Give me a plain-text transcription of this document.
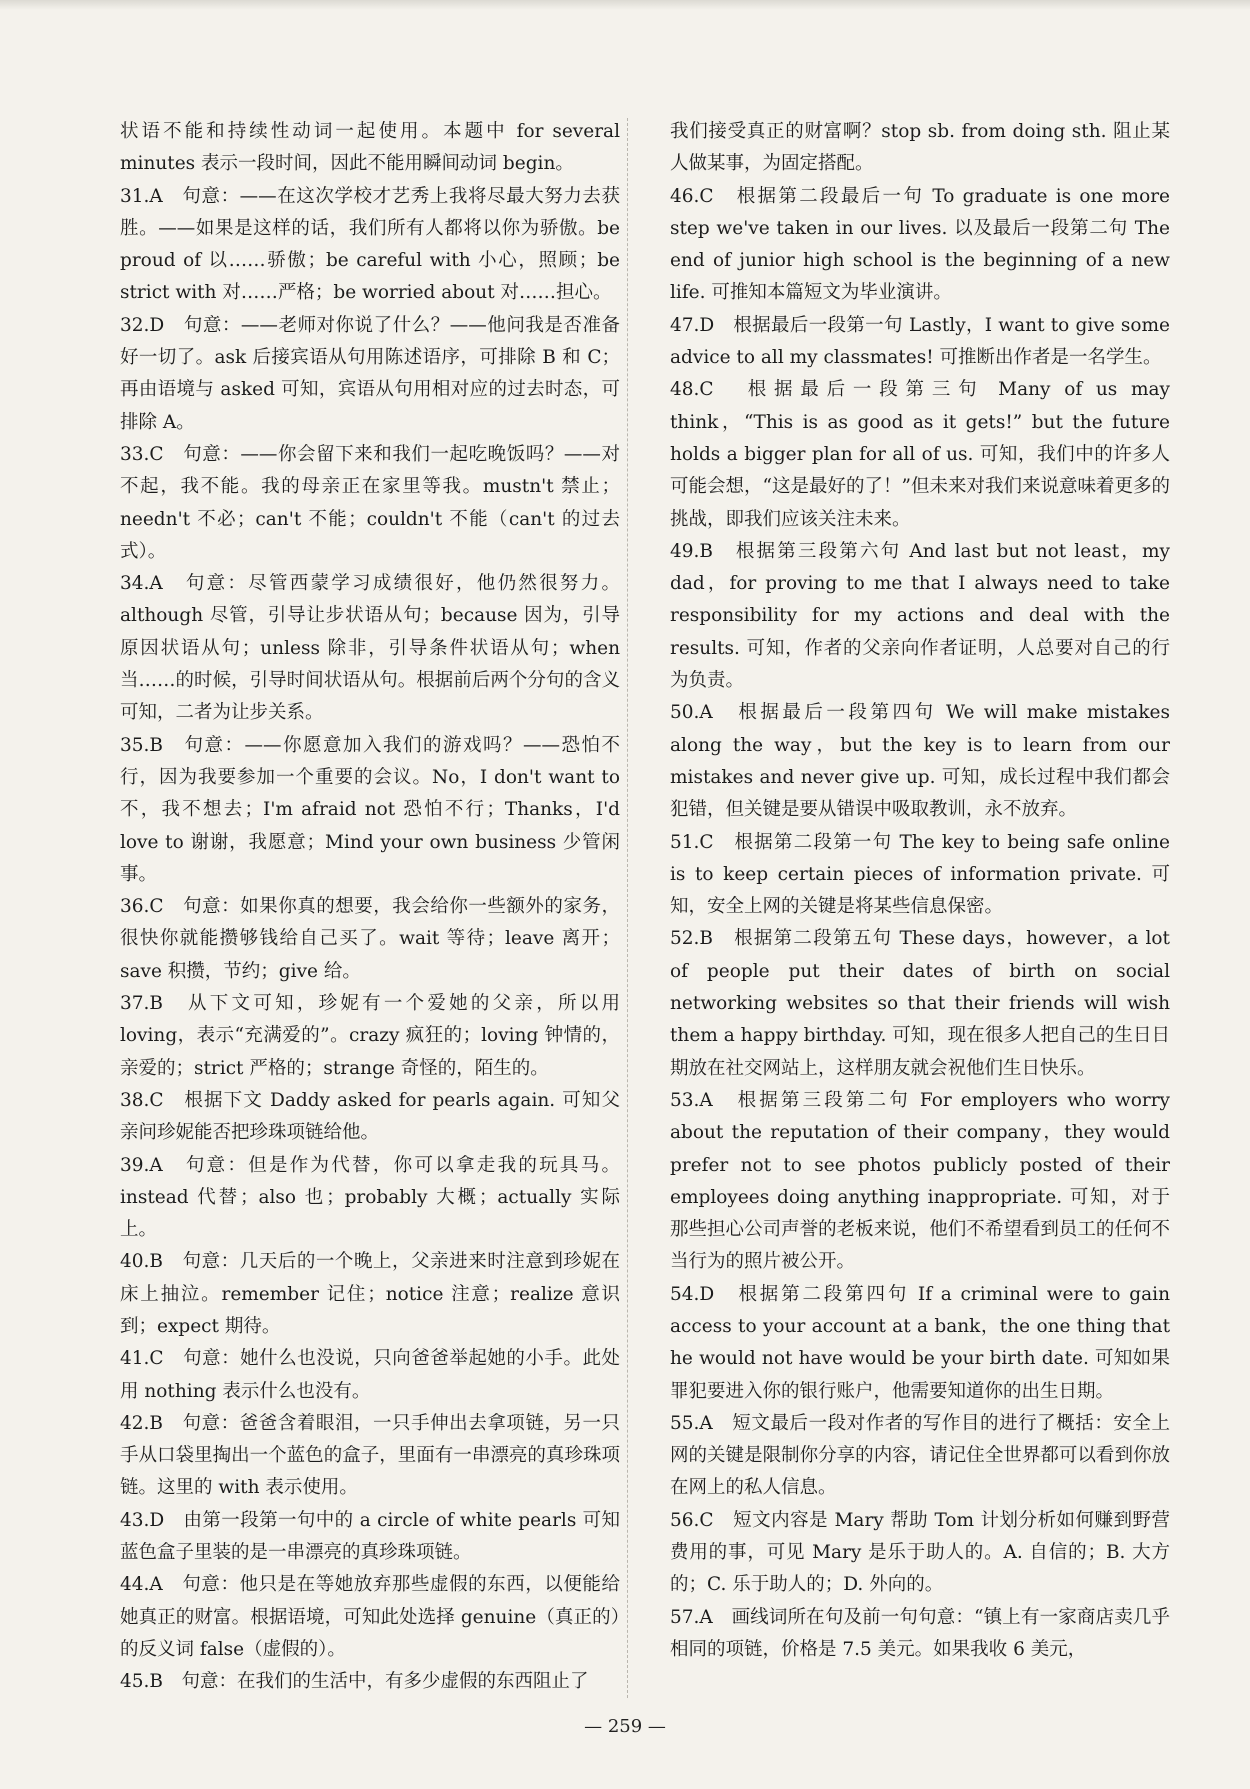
状语不能和持续性动词一起使用。本题中 for several minutes 表示一段时间，因此不能用瞬间动词 begin。

31.A　句意：——在这次学校才艺秀上我将尽最大努力去获胜。——如果是这样的话，我们所有人都将以你为骄傲。be proud of 以……骄傲；be careful with 小心，照顾；be strict with 对……严格；be worried about 对……担心。

32.D　句意：——老师对你说了什么？——他问我是否准备好一切了。ask 后接宾语从句用陈述语序，可排除 B 和 C；再由语境与 asked 可知，宾语从句用相对应的过去时态，可排除 A。

33.C　句意：——你会留下来和我们一起吃晚饭吗？——对不起，我不能。我的母亲正在家里等我。mustn't 禁止；needn't 不必；can't 不能；couldn't 不能（can't 的过去式）。

34.A　句意：尽管西蒙学习成绩很好，他仍然很努力。although 尽管，引导让步状语从句；because 因为，引导原因状语从句；unless 除非，引导条件状语从句；when 当……的时候，引导时间状语从句。根据前后两个分句的含义可知，二者为让步关系。

35.B　句意：——你愿意加入我们的游戏吗？——恐怕不行，因为我要参加一个重要的会议。No，I don't want to 不，我不想去；I'm afraid not 恐怕不行；Thanks，I'd love to 谢谢，我愿意；Mind your own business 少管闲事。

36.C　句意：如果你真的想要，我会给你一些额外的家务，很快你就能攒够钱给自己买了。wait 等待；leave 离开；save 积攒，节约；give 给。

37.B　从下文可知，珍妮有一个爱她的父亲，所以用 loving，表示“充满爱的”。crazy 疯狂的；loving 钟情的，亲爱的；strict 严格的；strange 奇怪的，陌生的。

38.C　根据下文 Daddy asked for pearls again. 可知父亲问珍妮能否把珍珠项链给他。

39.A　句意：但是作为代替，你可以拿走我的玩具马。instead 代替；also 也；probably 大概；actually 实际上。

40.B　句意：几天后的一个晚上，父亲进来时注意到珍妮在床上抽泣。remember 记住；notice 注意；realize 意识到；expect 期待。

41.C　句意：她什么也没说，只向爸爸举起她的小手。此处用 nothing 表示什么也没有。

42.B　句意：爸爸含着眼泪，一只手伸出去拿项链，另一只手从口袋里掏出一个蓝色的盒子，里面有一串漂亮的真珍珠项链。这里的 with 表示使用。

43.D　由第一段第一句中的 a circle of white pearls 可知蓝色盒子里装的是一串漂亮的真珍珠项链。

44.A　句意：他只是在等她放弃那些虚假的东西，以便能给她真正的财富。根据语境，可知此处选择 genuine（真正的）的反义词 false（虚假的）。

45.B　句意：在我们的生活中，有多少虚假的东西阻止了

我们接受真正的财富啊？stop sb. from doing sth. 阻止某人做某事，为固定搭配。

46.C　根据第二段最后一句 To graduate is one more step we've taken in our lives. 以及最后一段第二句 The end of junior high school is the beginning of a new life. 可推知本篇短文为毕业演讲。

47.D　根据最后一段第一句 Lastly，I want to give some advice to all my classmates! 可推断出作者是一名学生。

48.C　根据最后一段第三句 Many of us may think，“This is as good as it gets!” but the future holds a bigger plan for all of us. 可知，我们中的许多人可能会想，“这是最好的了！”但未来对我们来说意味着更多的挑战，即我们应该关注未来。

49.B　根据第三段第六句 And last but not least，my dad，for proving to me that I always need to take responsibility for my actions and deal with the results. 可知，作者的父亲向作者证明，人总要对自己的行为负责。

50.A　根据最后一段第四句 We will make mistakes along the way，but the key is to learn from our mistakes and never give up. 可知，成长过程中我们都会犯错，但关键是要从错误中吸取教训，永不放弃。

51.C　根据第二段第一句 The key to being safe online is to keep certain pieces of information private. 可知，安全上网的关键是将某些信息保密。

52.B　根据第二段第五句 These days，however，a lot of people put their dates of birth on social networking websites so that their friends will wish them a happy birthday. 可知，现在很多人把自己的生日日期放在社交网站上，这样朋友就会祝他们生日快乐。

53.A　根据第三段第二句 For employers who worry about the reputation of their company，they would prefer not to see photos publicly posted of their employees doing anything inappropriate. 可知，对于那些担心公司声誉的老板来说，他们不希望看到员工的任何不当行为的照片被公开。

54.D　根据第二段第四句 If a criminal were to gain access to your account at a bank，the one thing that he would not have would be your birth date. 可知如果罪犯要进入你的银行账户，他需要知道你的出生日期。

55.A　短文最后一段对作者的写作目的进行了概括：安全上网的关键是限制你分享的内容，请记住全世界都可以看到你放在网上的私人信息。

56.C　短文内容是 Mary 帮助 Tom 计划分析如何赚到野营费用的事，可见 Mary 是乐于助人的。A. 自信的；B. 大方的；C. 乐于助人的；D. 外向的。

57.A　画线词所在句及前一句句意：“镇上有一家商店卖几乎相同的项链，价格是 7.5 美元。如果我收 6 美元，

— 259 —
